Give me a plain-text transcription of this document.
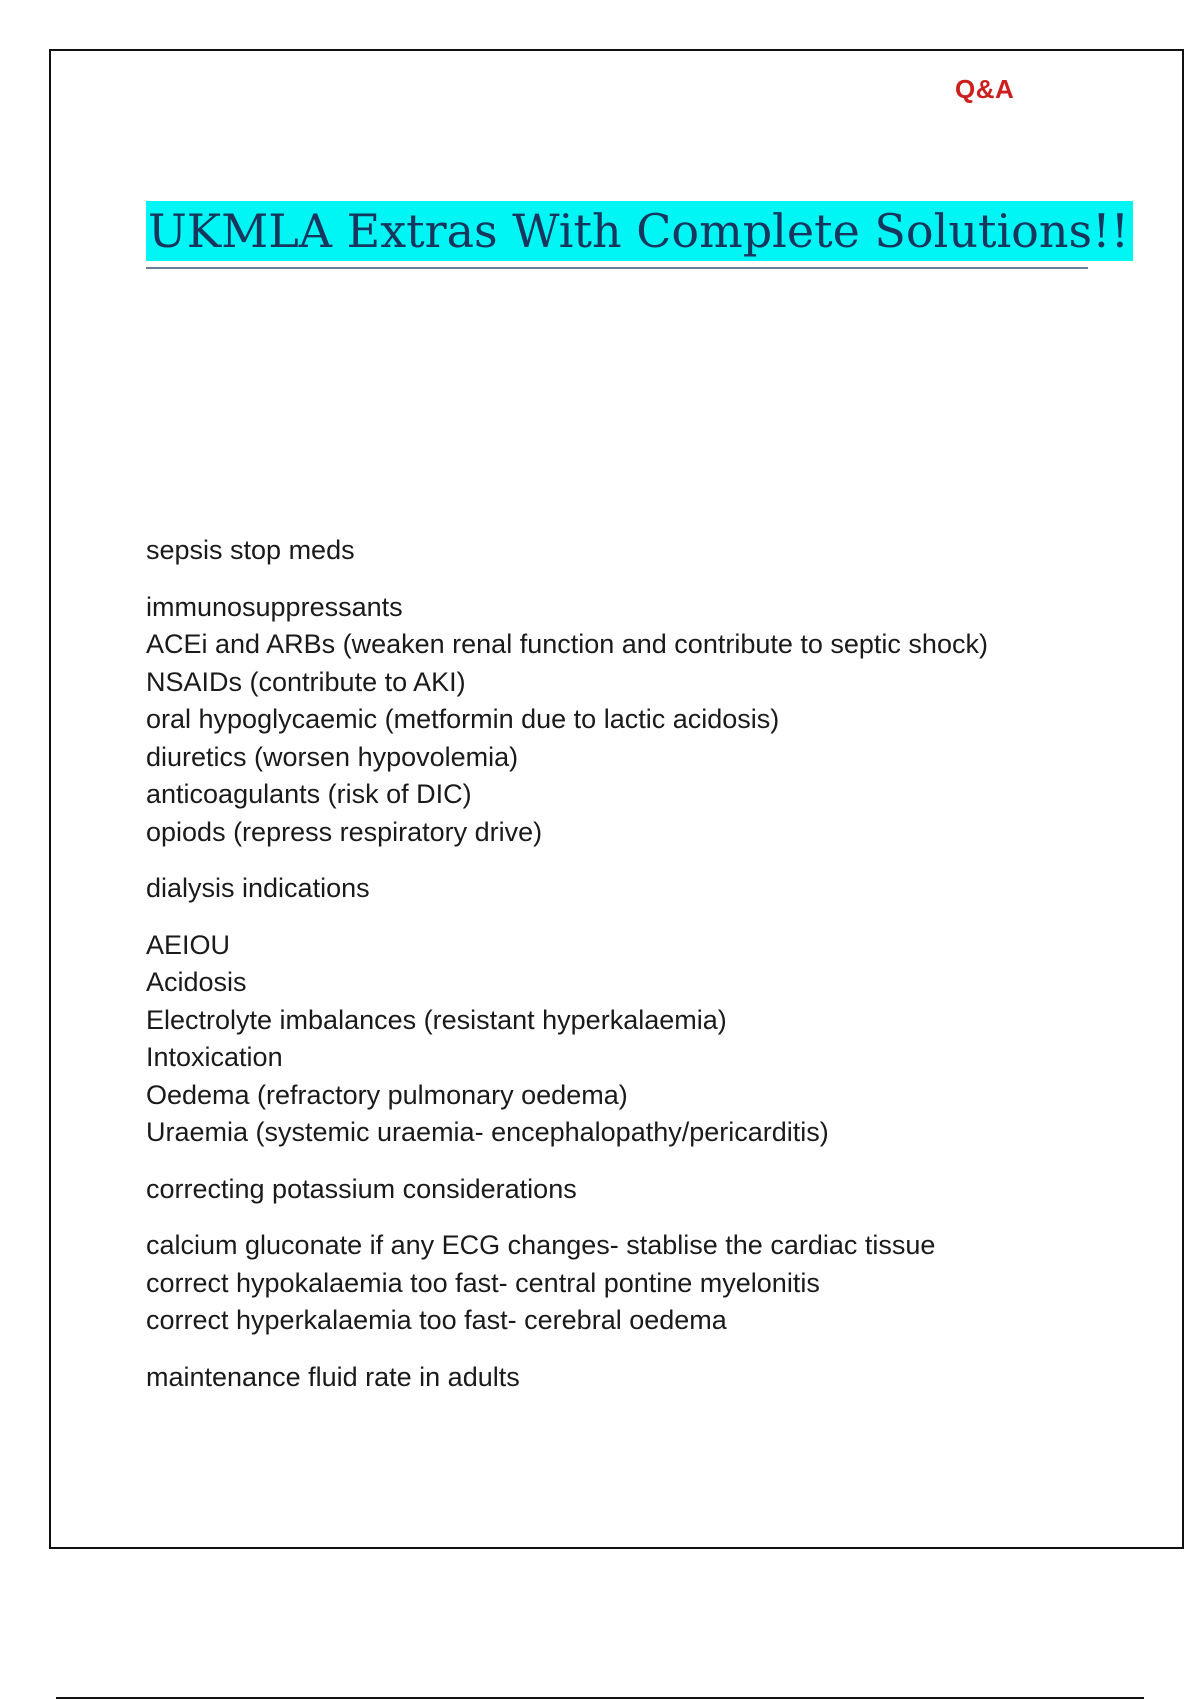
Q&A
UKMLA Extras With Complete Solutions!!
sepsis stop meds
immunosuppressants
ACEi and ARBs (weaken renal function and contribute to septic shock)
NSAIDs (contribute to AKI)
oral hypoglycaemic (metformin due to lactic acidosis)
diuretics (worsen hypovolemia)
anticoagulants (risk of DIC)
opiods (repress respiratory drive)
dialysis indications
AEIOU
Acidosis
Electrolyte imbalances (resistant hyperkalaemia)
Intoxication
Oedema (refractory pulmonary oedema)
Uraemia (systemic uraemia- encephalopathy/pericarditis)
correcting potassium considerations
calcium gluconate if any ECG changes- stablise the cardiac tissue
correct hypokalaemia too fast- central pontine myelonitis
correct hyperkalaemia too fast- cerebral oedema
maintenance fluid rate in adults
